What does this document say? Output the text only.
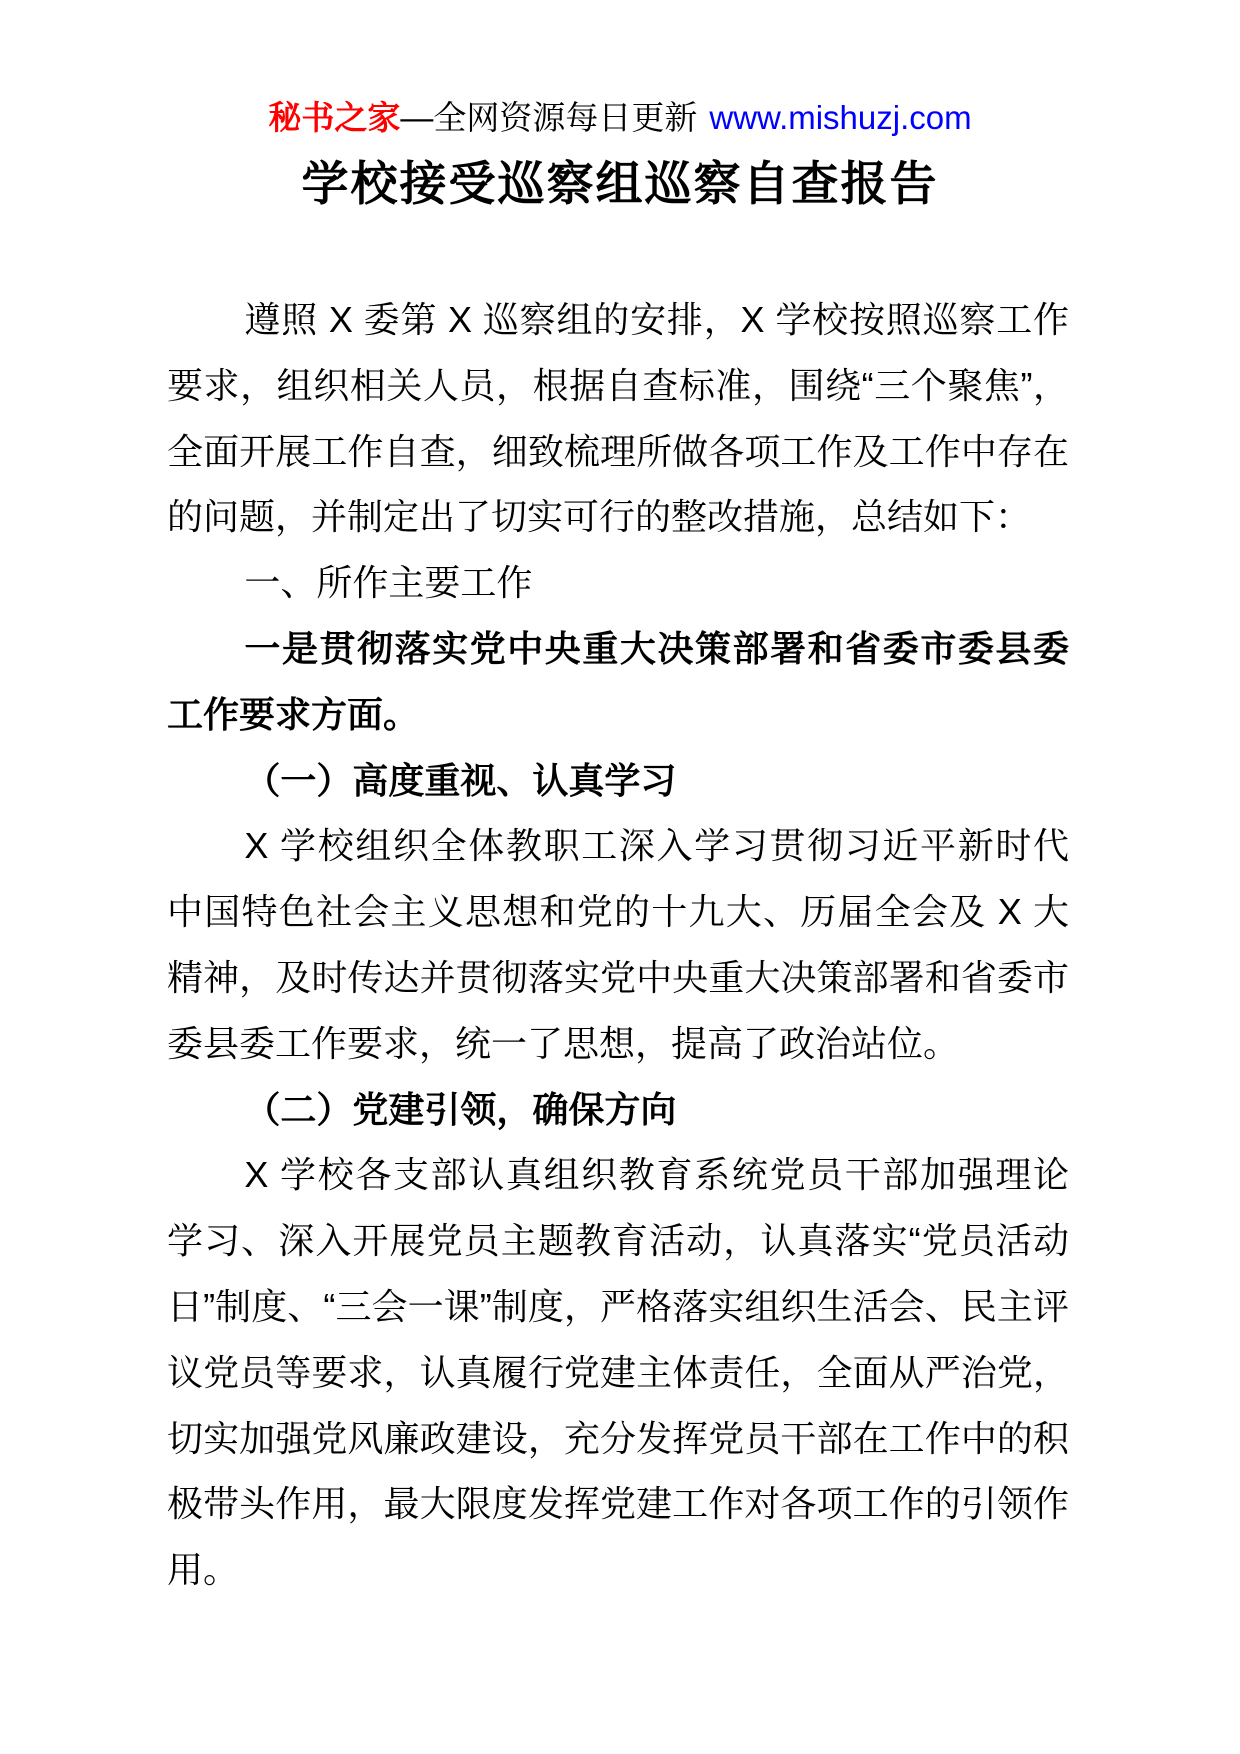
秘书之家—全网资源每日更新 www.mishuzj.com
学校接受巡察组巡察自查报告

遵照 X 委第 X 巡察组的安排，X 学校按照巡察工作要求，组织相关人员，根据自查标准，围绕“三个聚焦”，全面开展工作自查，细致梳理所做各项工作及工作中存在的问题，并制定出了切实可行的整改措施，总结如下：

一、所作主要工作

一是贯彻落实党中央重大决策部署和省委市委县委工作要求方面。

（一）高度重视、认真学习

X 学校组织全体教职工深入学习贯彻习近平新时代中国特色社会主义思想和党的十九大、历届全会及 X 大精神，及时传达并贯彻落实党中央重大决策部署和省委市委县委工作要求，统一了思想，提高了政治站位。

（二）党建引领，确保方向

X 学校各支部认真组织教育系统党员干部加强理论学习、深入开展党员主题教育活动，认真落实“党员活动日”制度、“三会一课”制度，严格落实组织生活会、民主评议党员等要求，认真履行党建主体责任，全面从严治党，切实加强党风廉政建设，充分发挥党员干部在工作中的积极带头作用，最大限度发挥党建工作对各项工作的引领作用。
